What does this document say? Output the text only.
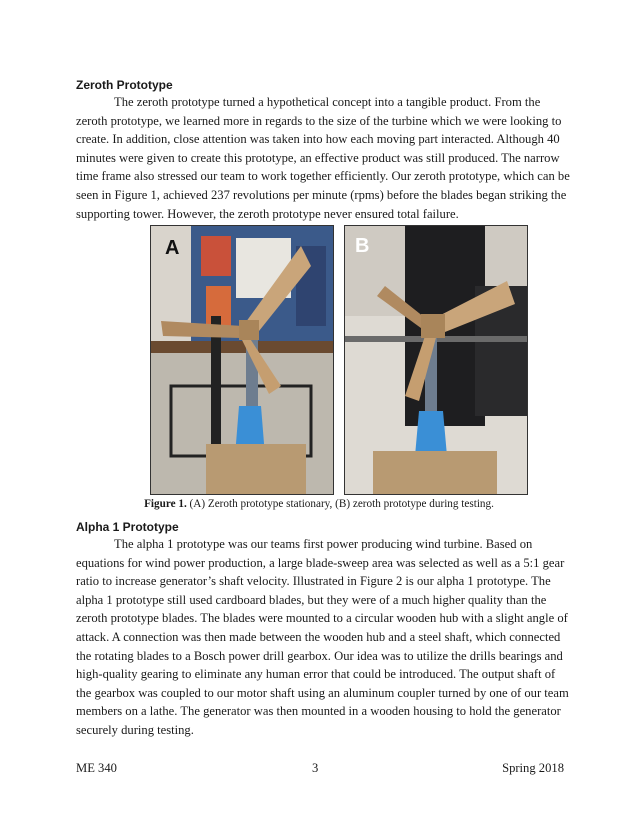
Zeroth Prototype

The zeroth prototype turned a hypothetical concept into a tangible product. From the zeroth prototype, we learned more in regards to the size of the turbine which we were looking to create. In addition, close attention was taken into how each moving part interacted. Although 40 minutes were given to create this prototype, an effective product was still produced. The narrow time frame also stressed our team to work together efficiently. Our zeroth prototype, which can be seen in Figure 1, achieved 237 revolutions per minute (rpms) before the blades began striking the supporting tower. However, the zeroth prototype never ensured total failure.

A	B

Figure 1. (A) Zeroth prototype stationary, (B) zeroth prototype during testing.

Alpha 1 Prototype

The alpha 1 prototype was our teams first power producing wind turbine. Based on equations for wind power production, a large blade-sweep area was selected as well as a 5:1 gear ratio to increase generator’s shaft velocity. Illustrated in Figure 2 is our alpha 1 prototype. The alpha 1 prototype still used cardboard blades, but they were of a much higher quality than the zeroth prototype blades. The blades were mounted to a circular wooden hub with a slight angle of attack. A connection was then made between the wooden hub and a steel shaft, which connected the rotating blades to a Bosch power drill gearbox. Our idea was to utilize the drills bearings and high-quality gearing to eliminate any human error that could be introduced. The output shaft of the gearbox was coupled to our motor shaft using an aluminum coupler turned by one of our team members on a lathe. The generator was then mounted in a wooden housing to hold the generator securely during testing.

ME 340	3	Spring 2018
